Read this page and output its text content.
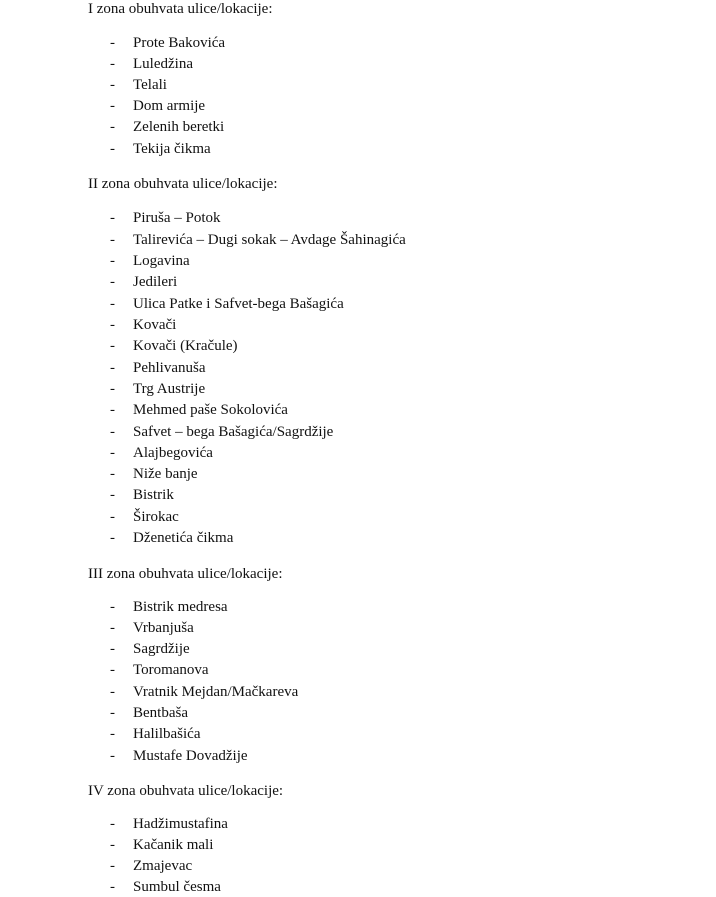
I zona obuhvata ulice/lokacije:
- Prote Bakovića
- Luledžina
- Telali
- Dom armije
- Zelenih beretki
- Tekija čikma
II zona obuhvata ulice/lokacije:
- Piruša – Potok
- Talirevića – Dugi sokak – Avdage Šahinagića
- Logavina
- Jedileri
- Ulica Patke i Safvet-bega Bašagića
- Kovači
- Kovači (Kračule)
- Pehlivanuša
- Trg Austrije
- Mehmed paše Sokolovića
- Safvet – bega Bašagića/Sagrdžije
- Alajbegovića
- Niže banje
- Bistrik
- Širokac
- Dženetića čikma
III zona obuhvata ulice/lokacije:
- Bistrik medresa
- Vrbanjuša
- Sagrdžije
- Toromanova
- Vratnik Mejdan/Mačkareva
- Bentbaša
- Halilbašića
- Mustafe Dovadžije
IV zona obuhvata ulice/lokacije:
- Hadžimustafina
- Kačanik mali
- Zmajevac
- Sumbul česma
